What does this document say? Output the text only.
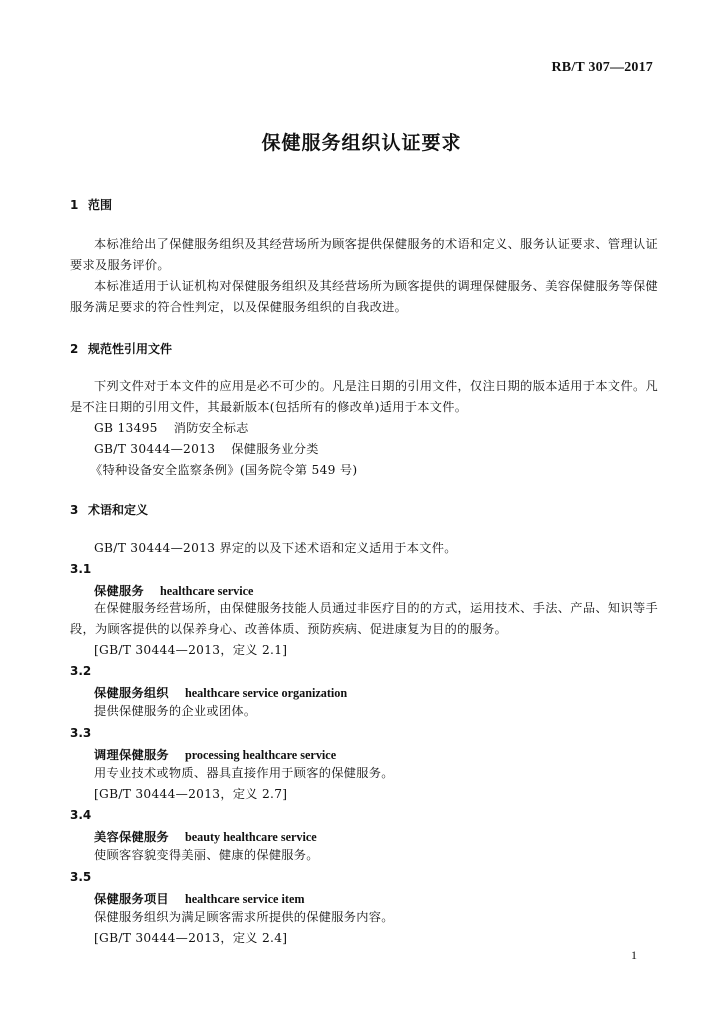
RB/T 307—2017
保健服务组织认证要求
1 范围

本标准给出了保健服务组织及其经营场所为顾客提供保健服务的术语和定义、服务认证要求、管理认证要求及服务评价。

本标准适用于认证机构对保健服务组织及其经营场所为顾客提供的调理保健服务、美容保健服务等保健服务满足要求的符合性判定，以及保健服务组织的自我改进。

2 规范性引用文件

下列文件对于本文件的应用是必不可少的。凡是注日期的引用文件，仅注日期的版本适用于本文件。凡是不注日期的引用文件，其最新版本(包括所有的修改单)适用于本文件。

GB 13495 消防安全标志
GB/T 30444—2013 保健服务业分类
《特种设备安全监察条例》(国务院令第 549 号)
3 术语和定义
GB/T 30444—2013 界定的以及下述术语和定义适用于本文件。
3.1
保健服务 healthcare service

在保健服务经营场所，由保健服务技能人员通过非医疗目的的方式，运用技术、手法、产品、知识等手段，为顾客提供的以保养身心、改善体质、预防疾病、促进康复为目的的服务。

[GB/T 30444—2013，定义 2.1]
3.2
保健服务组织 healthcare service organization
提供保健服务的企业或团体。
3.3
调理保健服务 processing healthcare service
用专业技术或物质、器具直接作用于顾客的保健服务。
[GB/T 30444—2013，定义 2.7]
3.4
美容保健服务 beauty healthcare service
使顾客容貌变得美丽、健康的保健服务。
3.5
保健服务项目 healthcare service item
保健服务组织为满足顾客需求所提供的保健服务内容。
[GB/T 30444—2013，定义 2.4]
1
